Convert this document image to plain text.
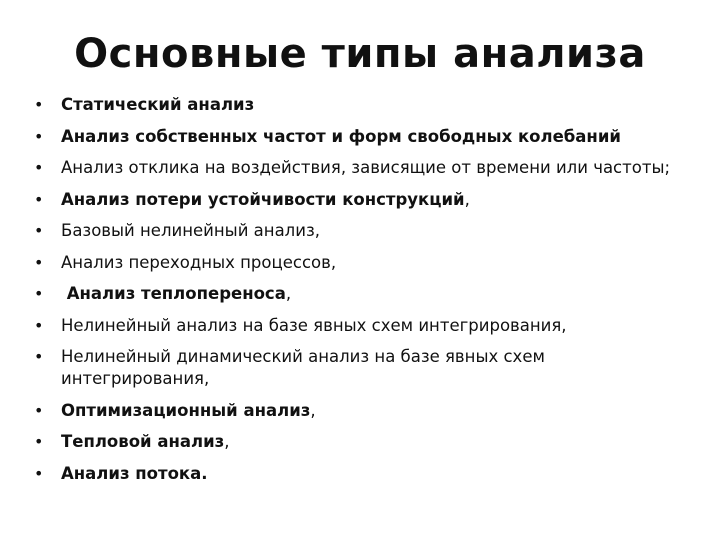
Основные типы анализа
• Статический анализ
• Анализ собственных частот и форм свободных колебаний
• Анализ отклика на воздействия, зависящие от времени или частоты;
• Анализ потери устойчивости конструкций,
• Базовый нелинейный анализ,
• Анализ переходных процессов,
•  Анализ теплопереноса,
• Нелинейный анализ на базе явных схем интегрирования,
• Нелинейный динамический анализ на базе явных схем интегрирования,
• Оптимизационный анализ,
• Тепловой анализ,
• Анализ потока.
